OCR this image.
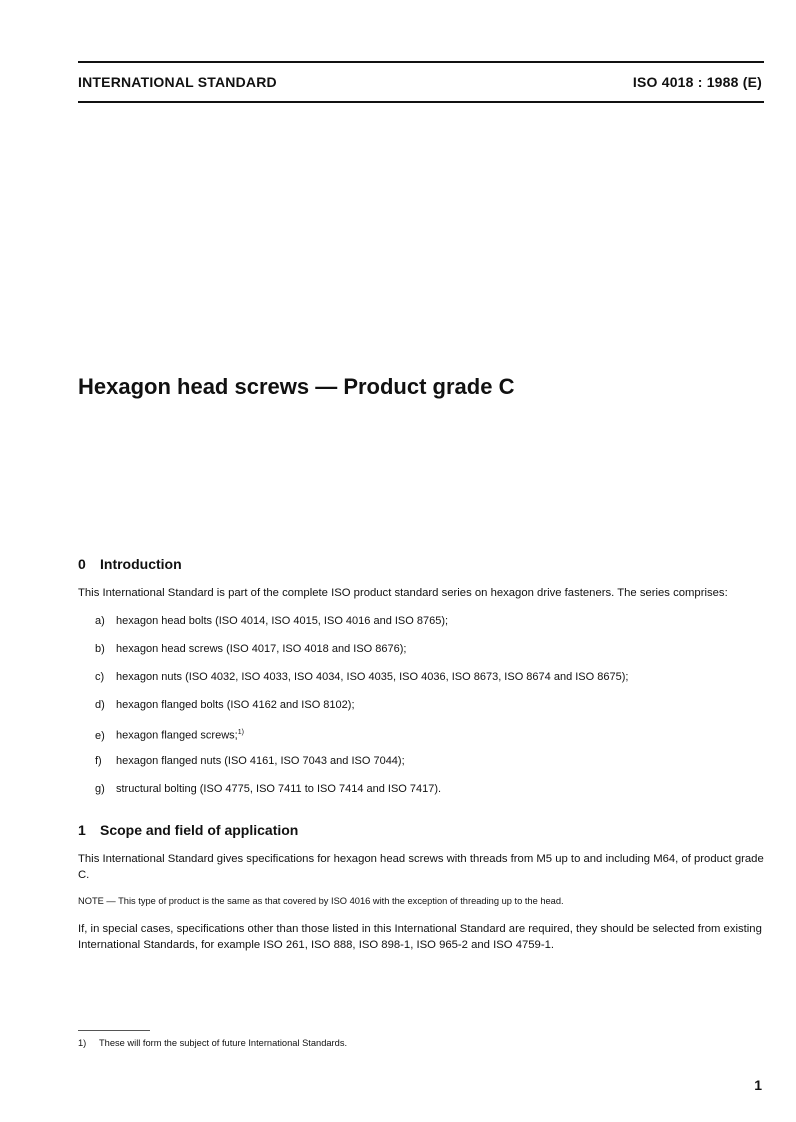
INTERNATIONAL STANDARD	ISO 4018 : 1988 (E)
Hexagon head screws — Product grade C
0 Introduction

This International Standard is part of the complete ISO product standard series on hexagon drive fasteners. The series comprises:

a) hexagon head bolts (ISO 4014, ISO 4015, ISO 4016 and ISO 8765);
b) hexagon head screws (ISO 4017, ISO 4018 and ISO 8676);
c) hexagon nuts (ISO 4032, ISO 4033, ISO 4034, ISO 4035, ISO 4036, ISO 8673, ISO 8674 and ISO 8675);
d) hexagon flanged bolts (ISO 4162 and ISO 8102);
e) hexagon flanged screws;$^{1)}$
f) hexagon flanged nuts (ISO 4161, ISO 7043 and ISO 7044);
g) structural bolting (ISO 4775, ISO 7411 to ISO 7414 and ISO 7417).
1 Scope and field of application

This International Standard gives specifications for hexagon head screws with threads from M5 up to and including M64, of product grade C.

NOTE — This type of product is the same as that covered by ISO 4016 with the exception of threading up to the head.

If, in special cases, specifications other than those listed in this International Standard are required, they should be selected from existing International Standards, for example ISO 261, ISO 888, ISO 898-1, ISO 965-2 and ISO 4759-1.

1) These will form the subject of future International Standards.
1
